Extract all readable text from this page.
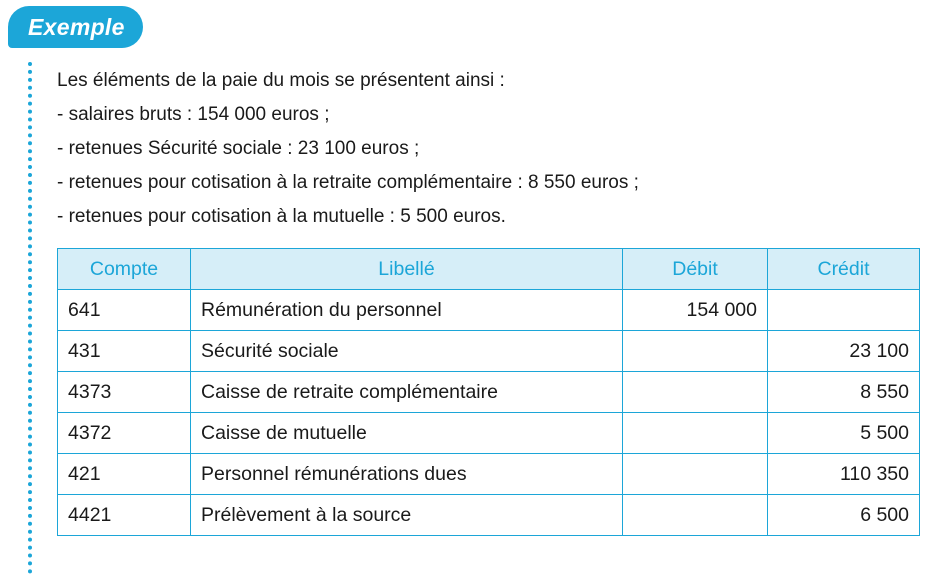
Exemple

Les éléments de la paie du mois se présentent ainsi :

- salaires bruts : 154 000 euros ;

- retenues Sécurité sociale : 23 100 euros ;

- retenues pour cotisation à la retraite complémentaire : 8 550 euros ;

- retenues pour cotisation à la mutuelle : 5 500 euros.

Compte	Libellé	Débit	Crédit
641	Rémunération du personnel	154 000	
431	Sécurité sociale		23 100
4373	Caisse de retraite complémentaire		8 550
4372	Caisse de mutuelle		5 500
421	Personnel rémunérations dues		110 350
4421	Prélèvement à la source		6 500
